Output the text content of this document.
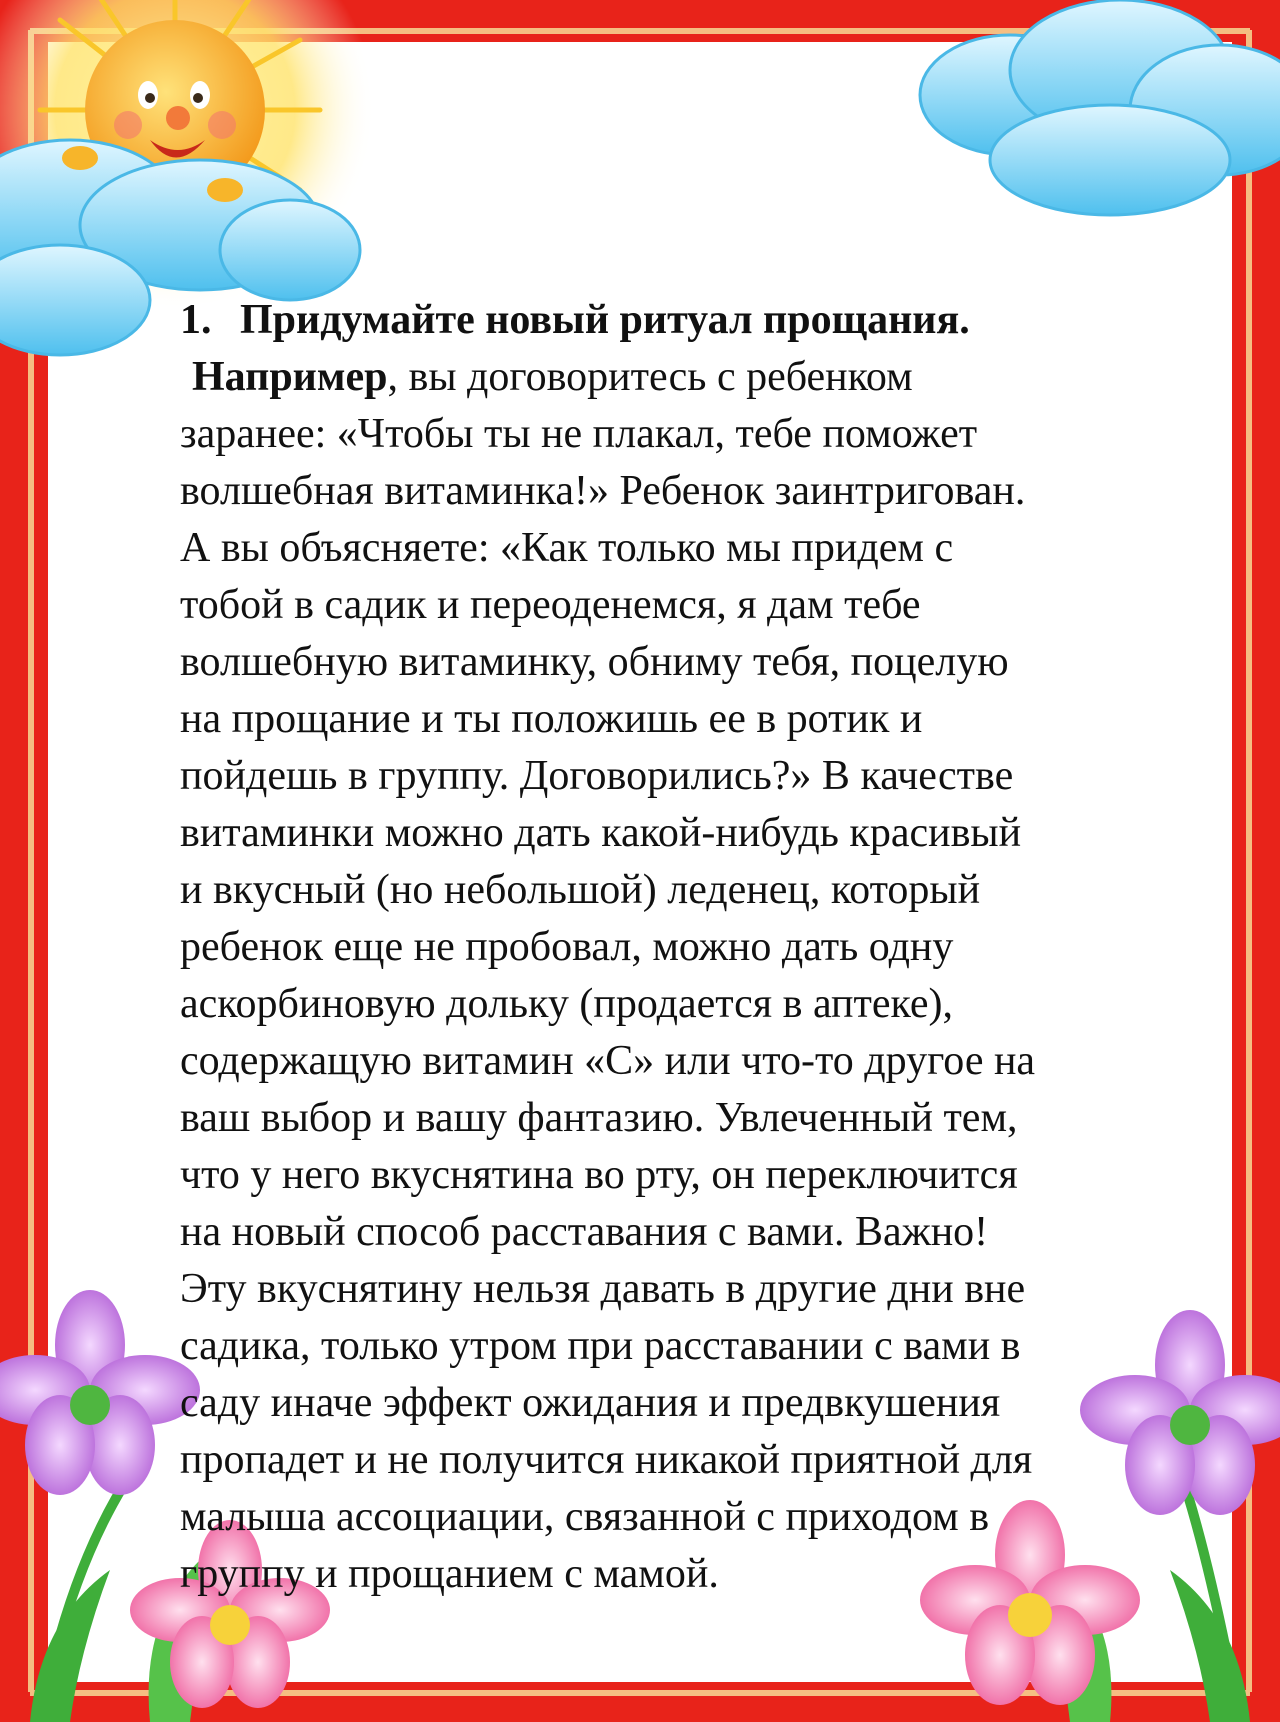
1. Придумайте новый ритуал прощания.
Например, вы договоритесь с ребенком
заранее: «Чтобы ты не плакал, тебе поможет
волшебная витаминка!» Ребенок заинтригован.
А вы объясняете: «Как только мы придем с
тобой в садик и переоденемся, я дам тебе
волшебную витаминку, обниму тебя, поцелую
на прощание и ты положишь ее в ротик и
пойдешь в группу. Договорились?» В качестве
витаминки можно дать какой-нибудь красивый
и вкусный (но небольшой) леденец, который
ребенок еще не пробовал, можно дать одну
аскорбиновую дольку (продается в аптеке),
содержащую витамин «С» или что-то другое на
ваш выбор и вашу фантазию. Увлеченный тем,
что у него вкуснятина во рту, он переключится
на новый способ расставания с вами. Важно!
Эту вкуснятину нельзя давать в другие дни вне
садика, только утром при расставании с вами в
саду иначе эффект ожидания и предвкушения
пропадет и не получится никакой приятной для
малыша ассоциации, связанной с приходом в
группу и прощанием с мамой.
